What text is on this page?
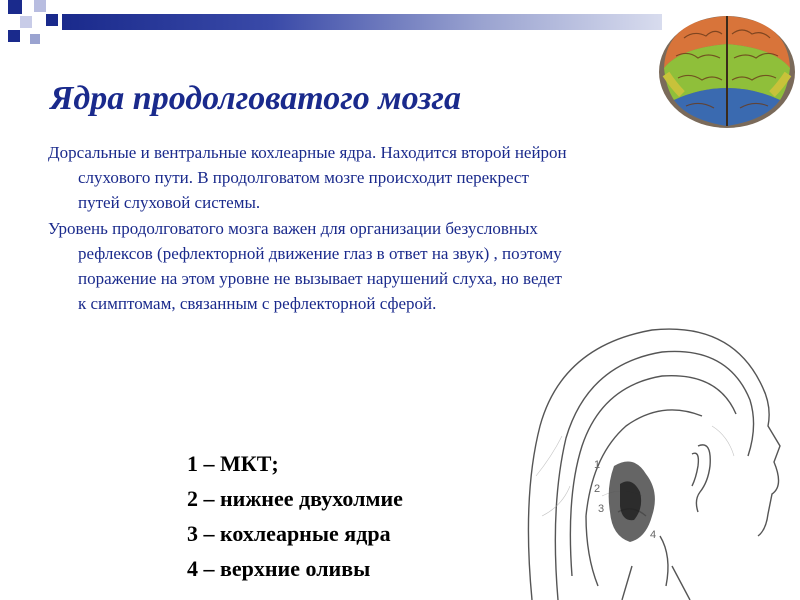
Ядра продолговатого мозга

Дорсальные и вентральные кохлеарные ядра. Находится второй нейрон слухового пути. В продолговатом мозге происходит перекрест путей слуховой системы.

Уровень продолговатого мозга важен для организации безусловных рефлексов (рефлекторной движение глаз в ответ на звук) , поэтому поражение на этом уровне не вызывает нарушений слуха, но ведет к симптомам, связанным с рефлекторной сферой.

1
2
3
4
1 – МКТ;
2 – нижнее двухолмие
3 – кохлеарные ядра
4 – верхние оливы
